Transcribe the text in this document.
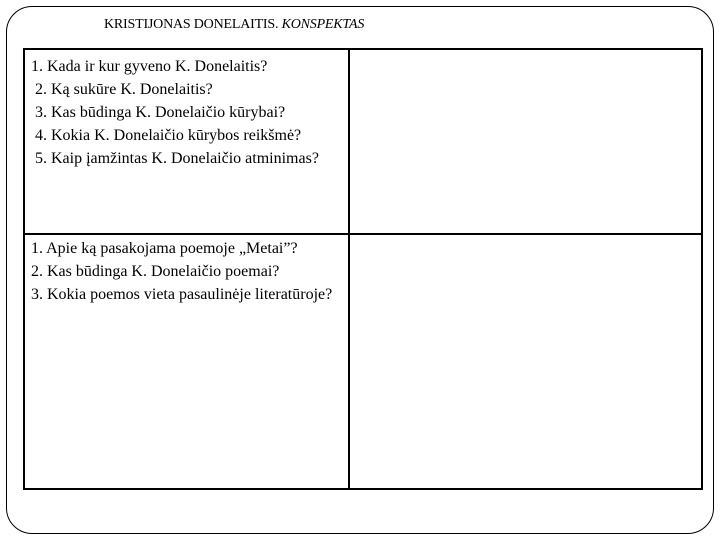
KRISTIJONAS DONELAITIS. KONSPEKTAS

1. Kada ir kur gyveno K. Donelaitis?

2. Ką sukūre K. Donelaitis?

3. Kas būdinga K. Donelaičio kūrybai?

4. Kokia K. Donelaičio kūrybos reikšmė?

5. Kaip įamžintas K. Donelaičio atminimas?

1. Apie ką pasakojama poemoje „Metai”?

2. Kas būdinga K. Donelaičio poemai?

3. Kokia poemos vieta pasaulinėje literatūroje?
